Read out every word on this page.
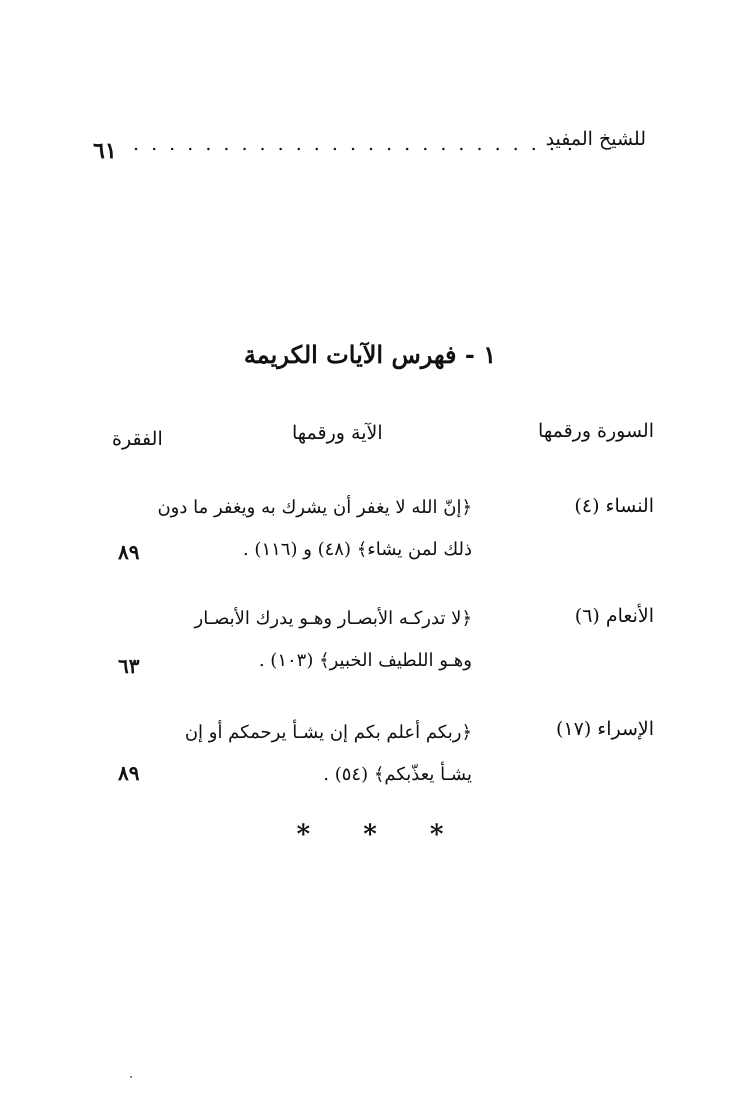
للشيخ المفيد
. . . . . . . . . . . . . . . . . . . . . . . . .
٦١
١ - فهرس الآيات الكريمة
السورة ورقمها
الآية ورقمها
الفقرة
النساء (٤)
﴿إنّ الله لا يغفر أن يشرك به ويغفر ما دون
ذلك لمن يشاء﴾ (٤٨) و (١١٦) .
٨٩
الأنعام (٦)
﴿لا تدركـه الأبصـار وهـو يدرك الأبصـار
وهـو اللطيف الخبير﴾ (١٠٣) .
٦٣
الإسراء (١٧)
﴿ربكم أعلم بكم إن يشـأ يرحمكم أو إن
يشـأ يعذّبكم﴾ (٥٤) .
٨٩
* * *
